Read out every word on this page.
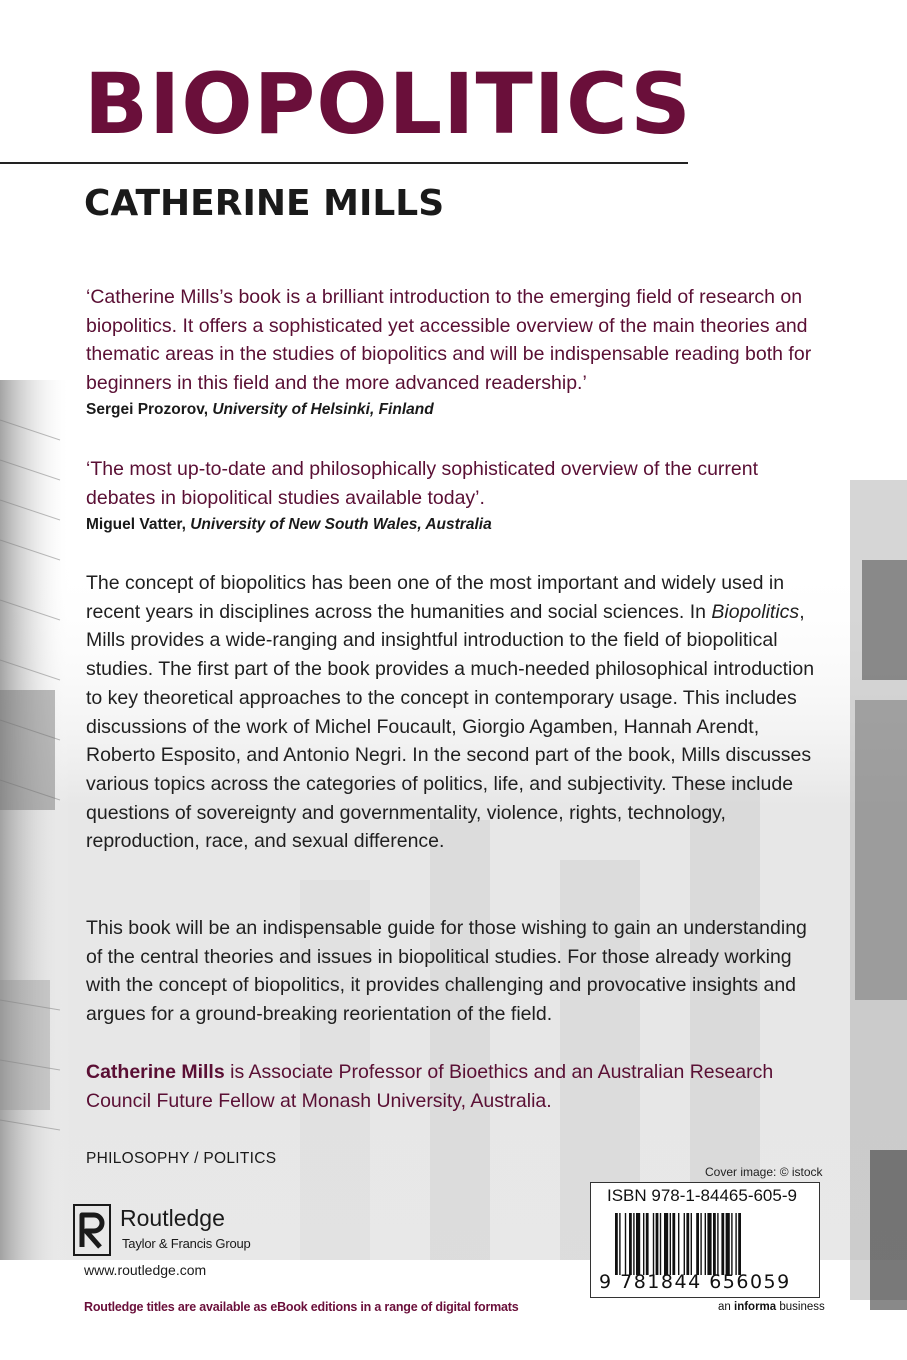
BIOPOLITICS
CATHERINE MILLS

‘Catherine Mills’s book is a brilliant introduction to the emerging field of research on biopolitics. It offers a sophisticated yet accessible overview of the main theories and thematic areas in the studies of biopolitics and will be indispensable reading both for beginners in this field and the more advanced readership.’

Sergei Prozorov, University of Helsinki, Finland

‘The most up-to-date and philosophically sophisticated overview of the current debates in biopolitical studies available today’.

Miguel Vatter, University of New South Wales, Australia

The concept of biopolitics has been one of the most important and widely used in recent years in disciplines across the humanities and social sciences. In Biopolitics, Mills provides a wide-ranging and insightful introduction to the field of biopolitical studies. The first part of the book provides a much-needed philosophical introduction to key theoretical approaches to the concept in contemporary usage. This includes discussions of the work of Michel Foucault, Giorgio Agamben, Hannah Arendt, Roberto Esposito, and Antonio Negri. In the second part of the book, Mills discusses various topics across the categories of politics, life, and subjectivity. These include questions of sovereignty and governmentality, violence, rights, technology, reproduction, race, and sexual difference.

This book will be an indispensable guide for those wishing to gain an understanding of the central theories and issues in biopolitical studies. For those already working with the concept of biopolitics, it provides challenging and provocative insights and argues for a ground-breaking reorientation of the field.

Catherine Mills is Associate Professor of Bioethics and an Australian Research Council Future Fellow at Monash University, Australia.

PHILOSOPHY / POLITICS
Cover image: © istock
ISBN 978-1-84465-605-9
9 781844 656059
an informa business
Routledge
Taylor & Francis Group
www.routledge.com
Routledge titles are available as eBook editions in a range of digital formats
